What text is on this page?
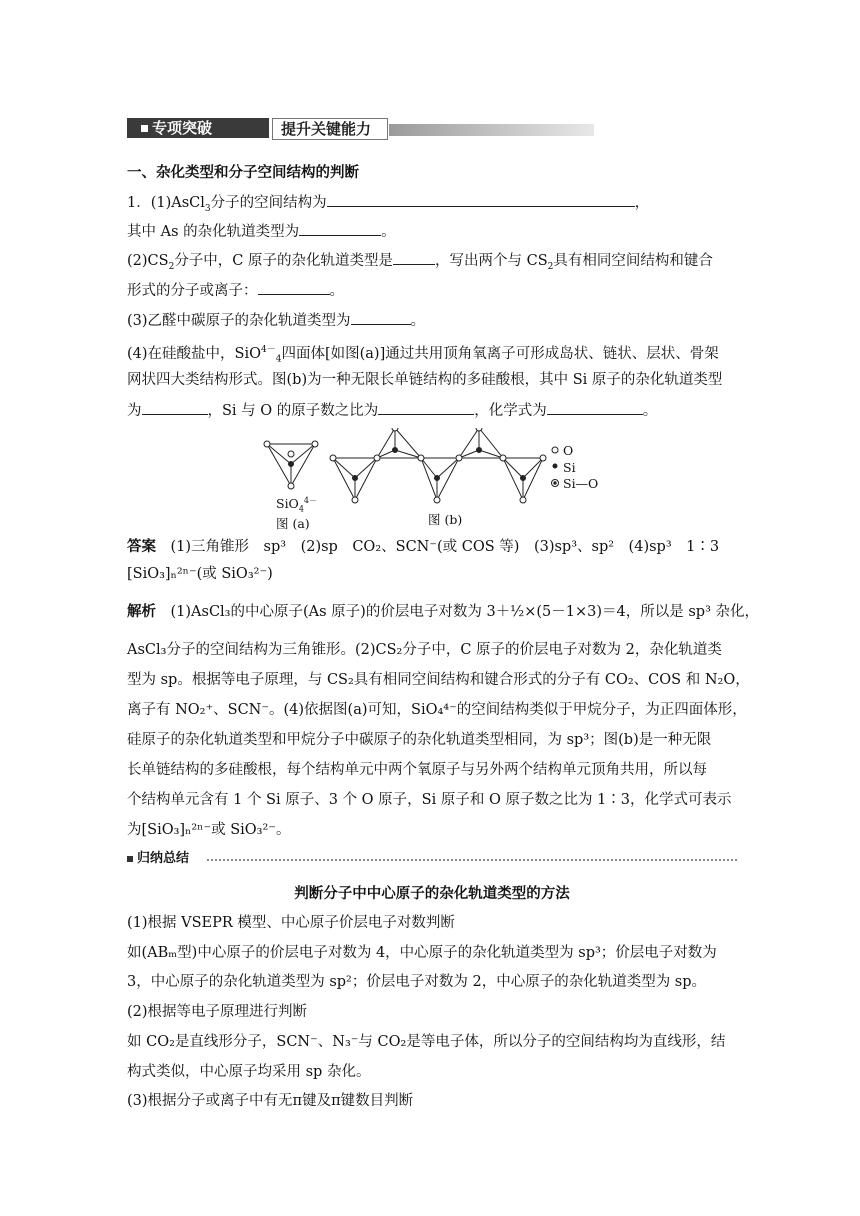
专项突破	提升关键能力
一、杂化类型和分子空间结构的判断
1．(1)AsCl$_3$分子的空间结构为	，
其中 As 的杂化轨道类型为	。
$(2)CS_2$分子中，C 原子的杂化轨道类型是	，写出两个与 $CS_2$具有相同空间结构和键合
形式的分子或离子：	。
(3)乙醛中碳原子的杂化轨道类型为	。
(4)在硅酸盐中，SiO$^{4-}_4$四面体[如图(a)]通过共用顶角氧离子可形成岛状、链状、层状、骨架
网状四大类结构形式。图(b)为一种无限长单链结构的多硅酸根，其中 Si 原子的杂化轨道类型
为	，Si 与 O 的原子数之比为	，化学式为	。
O
Si
Si—O
SiO$_4^{4-}$
图 (a)	图 (b)
答案　 (1)三角锥形　sp³　(2)sp　CO₂、SCN⁻(或 COS 等)　(3)sp³、sp²　(4)sp³　1∶3
[SiO₃]ₙ²ⁿ⁻(或 SiO₃²⁻)
解析　 (1)AsCl₃的中心原子(As 原子)的价层电子对数为 3＋½×(5－1×3)＝4，所以是 sp³ 杂化，
AsCl₃分子的空间结构为三角锥形。(2)CS₂分子中，C 原子的价层电子对数为 2，杂化轨道类
型为 sp。根据等电子原理，与 CS₂具有相同空间结构和键合形式的分子有 CO₂、COS 和 N₂O，
离子有 NO₂⁺、SCN⁻。(4)依据图(a)可知，SiO₄⁴⁻的空间结构类似于甲烷分子，为正四面体形，
硅原子的杂化轨道类型和甲烷分子中碳原子的杂化轨道类型相同，为 sp³；图(b)是一种无限
长单链结构的多硅酸根，每个结构单元中两个氧原子与另外两个结构单元顶角共用，所以每
个结构单元含有 1 个 Si 原子、3 个 O 原子，Si 原子和 O 原子数之比为 1∶3，化学式可表示
为[SiO₃]ₙ²ⁿ⁻或 SiO₃²⁻。
归纳总结
判断分子中中心原子的杂化轨道类型的方法
(1)根据 VSEPR 模型、中心原子价层电子对数判断
如(ABₘ型)中心原子的价层电子对数为 4，中心原子的杂化轨道类型为 sp³；价层电子对数为
3，中心原子的杂化轨道类型为 sp²；价层电子对数为 2，中心原子的杂化轨道类型为 sp。
(2)根据等电子原理进行判断
如 CO₂是直线形分子，SCN⁻、N₃⁻与 CO₂是等电子体，所以分子的空间结构均为直线形，结
构式类似，中心原子均采用 sp 杂化。
(3)根据分子或离子中有无π键及π键数目判断
